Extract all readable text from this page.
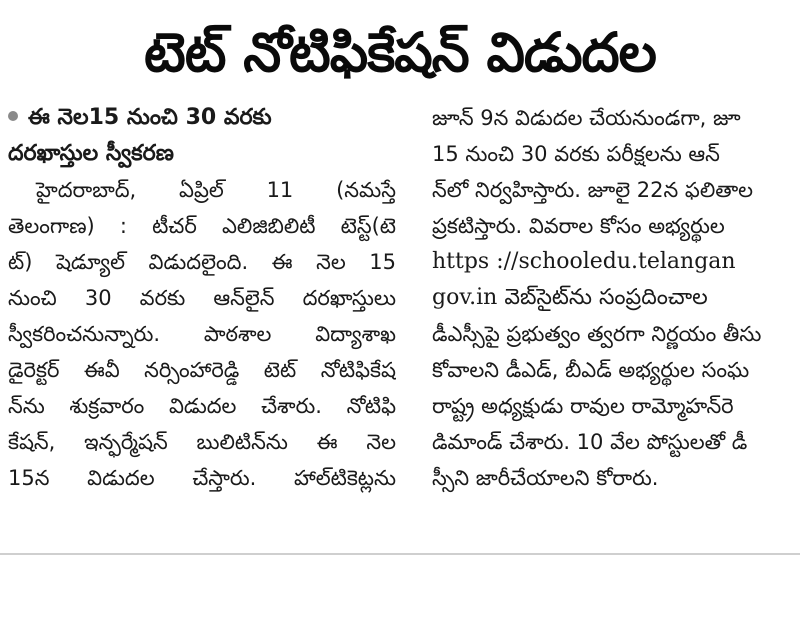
టెట్ నోటిఫికేషన్ విడుదల
ఈ నెల15 నుంచి 30 వరకు
దరఖాస్తుల స్వీకరణ
హైదరాబాద్, ఏప్రిల్ 11 (నమస్తే
తెలంగాణ) : టీచర్ ఎలిజిబిలిటీ టెస్ట్(టె
ట్) షెడ్యూల్ విడుదలైంది. ఈ నెల 15
నుంచి 30 వరకు ఆన్‌లైన్ దరఖాస్తులు
స్వీకరించనున్నారు. పాఠశాల విద్యాశాఖ
డైరెక్టర్ ఈవీ నర్సింహారెడ్డి టెట్ నోటిఫికేష
న్‌ను శుక్రవారం విడుదల చేశారు. నోటిఫి
కేషన్, ఇన్ఫర్మేషన్ బులిటిన్‌ను ఈ నెల
15న విడుదల చేస్తారు. హాల్‌టికెట్లను
జూన్ 9న విడుదల చేయనుండగా, జూ
15 నుంచి 30 వరకు పరీక్షలను ఆన్
న్‌లో నిర్వహిస్తారు. జూలై 22న ఫలితాల
ప్రకటిస్తారు. వివరాల కోసం అభ్యర్థుల
https ://schooledu.telangan
gov.in వెబ్‌సైట్‌ను సంప్రదించాల
డీఎస్సీపై ప్రభుత్వం త్వరగా నిర్ణయం తీసు
కోవాలని డీఎడ్, బీఎడ్ అభ్యర్థుల సంఘ
రాష్ట్ర అధ్యక్షుడు రావుల రామ్మోహన్‌రె
డిమాండ్ చేశారు. 10 వేల పోస్టులతో డీ
స్సీని జారీచేయాలని కోరారు.
